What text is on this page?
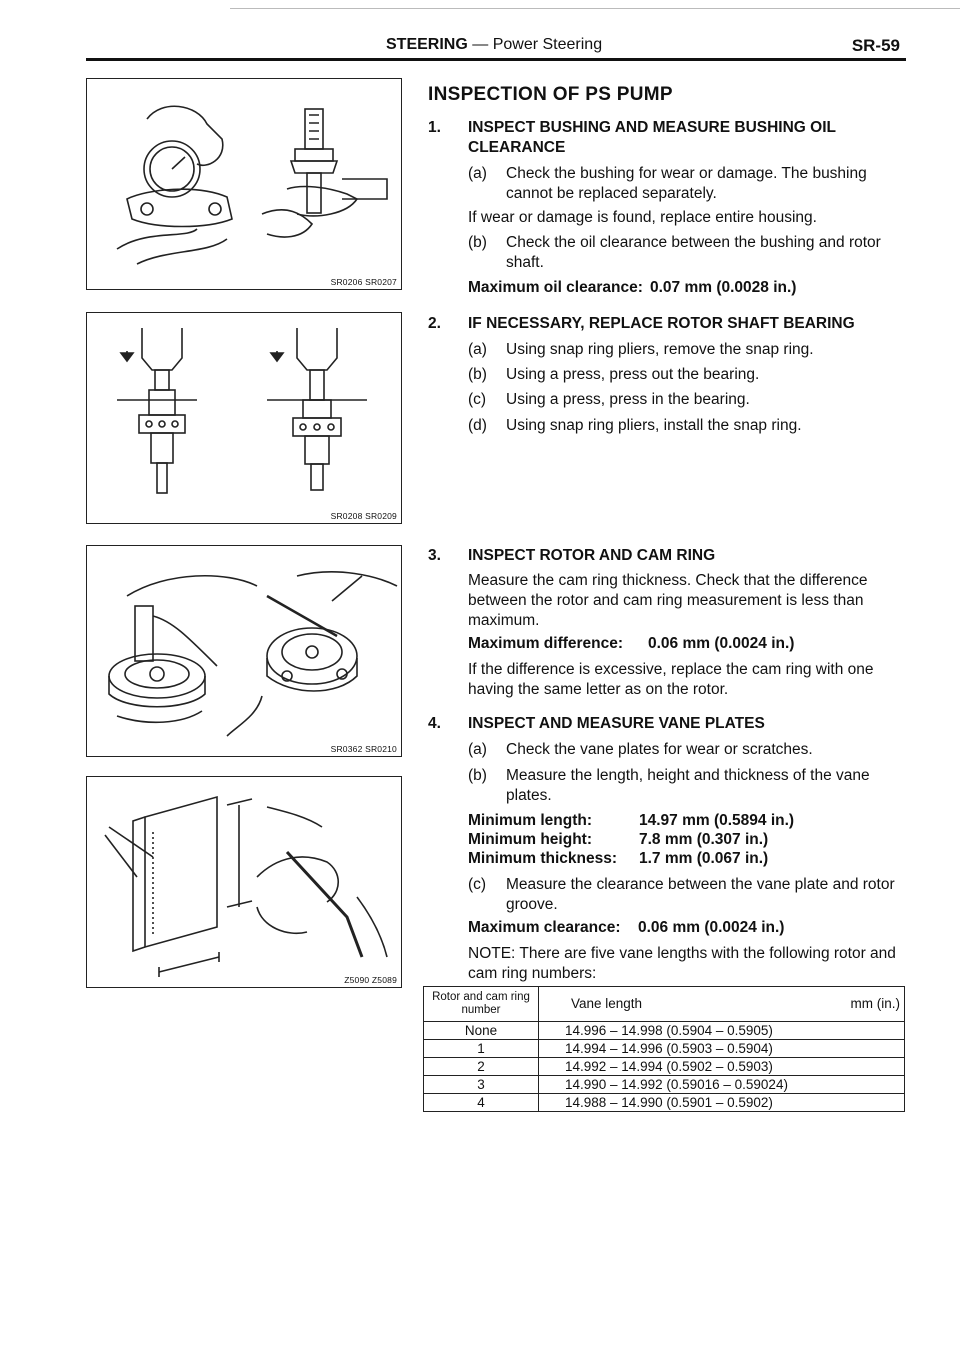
STEERING — Power Steering	SR-59
SR0206 SR0207
SR0208 SR0209
SR0362 SR0210
Z5090 Z5089
INSPECTION OF PS PUMP
1.	INSPECT BUSHING AND MEASURE BUSHING OIL CLEARANCE
(a) Check the bushing for wear or damage. The bushing cannot be replaced separately.
If wear or damage is found, replace entire housing.
(b) Check the oil clearance between the bushing and rotor shaft.
Maximum oil clearance: 0.07 mm (0.0028 in.)
2.	IF NECESSARY, REPLACE ROTOR SHAFT BEARING
(a) Using snap ring pliers, remove the snap ring.
(b) Using a press, press out the bearing.
(c) Using a press, press in the bearing.
(d) Using snap ring pliers, install the snap ring.
3.	INSPECT ROTOR AND CAM RING
Measure the cam ring thickness. Check that the difference between the rotor and cam ring measurement is less than maximum.
Maximum difference: 0.06 mm (0.0024 in.)
If the difference is excessive, replace the cam ring with one having the same letter as on the rotor.
4.	INSPECT AND MEASURE VANE PLATES
(a) Check the vane plates for wear or scratches.
(b) Measure the length, height and thickness of the vane plates.
Minimum length:	14.97 mm (0.5894 in.)
Minimum height:	7.8 mm (0.307 in.)
Minimum thickness: 1.7 mm (0.067 in.)
(c) Measure the clearance between the vane plate and rotor groove.
Maximum clearance: 0.06 mm (0.0024 in.)
NOTE: There are five vane lengths with the following rotor and cam ring numbers:
Rotor and cam ring number	Vane length mm (in.)

None	14.996 – 14.998 (0.5904 – 0.5905)
1	14.994 – 14.996 (0.5903 – 0.5904)
2	14.992 – 14.994 (0.5902 – 0.5903)
3	14.990 – 14.992 (0.59016 – 0.59024)
4	14.988 – 14.990 (0.5901 – 0.5902)
